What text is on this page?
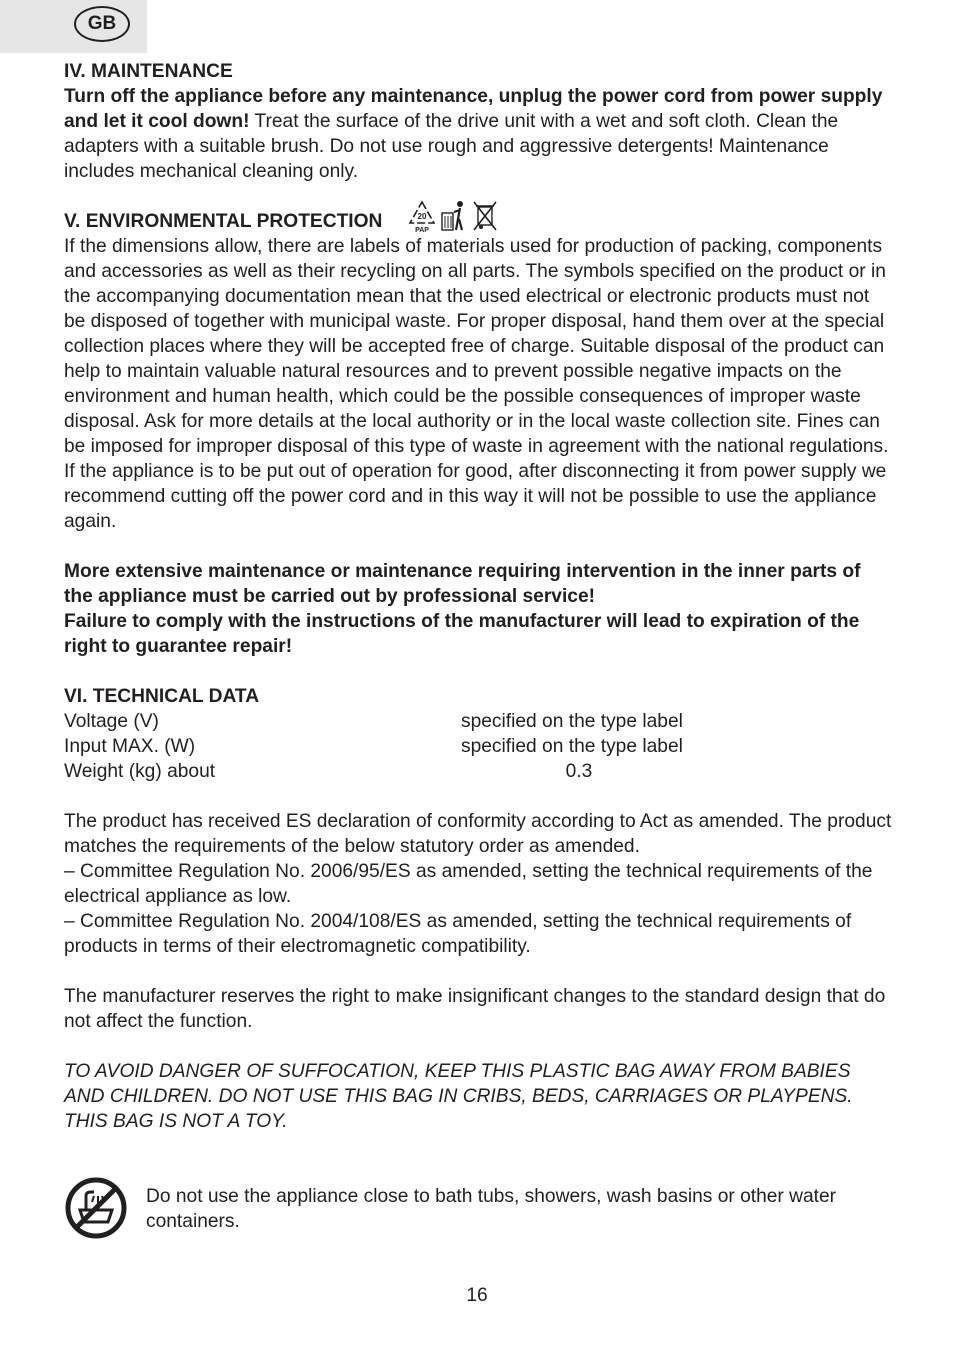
GB

IV. MAINTENANCE

Turn off the appliance before any maintenance, unplug the power cord from power supply and let it cool down! Treat the surface of the drive unit with a wet and soft cloth. Clean the adapters with a suitable brush. Do not use rough and aggressive detergents! Maintenance includes mechanical cleaning only.

V. ENVIRONMENTAL PROTECTION	20
PAP

If the dimensions allow, there are labels of materials used for production of packing, components and accessories as well as their recycling on all parts. The symbols specified on the product or in the accompanying documentation mean that the used electrical or electronic products must not be disposed of together with municipal waste. For proper disposal, hand them over at the special collection places where they will be accepted free of charge. Suitable disposal of the product can help to maintain valuable natural resources and to prevent possible negative impacts on the environment and human health, which could be the possible consequences of improper waste disposal. Ask for more details at the local authority or in the local waste collection site. Fines can be imposed for improper disposal of this type of waste in agreement with the national regulations. If the appliance is to be put out of operation for good, after disconnecting it from power supply we recommend cutting off the power cord and in this way it will not be possible to use the appliance again.

More extensive maintenance or maintenance requiring intervention in the inner parts of the appliance must be carried out by professional service!

Failure to comply with the instructions of the manufacturer will lead to expiration of the right to guarantee repair!

VI. TECHNICAL DATA

Voltage (V)	specified on the type label
Input MAX. (W)	specified on the type label
Weight (kg) about	0.3

The product has received ES declaration of conformity according to Act as amended. The product matches the requirements of the below statutory order as amended.

– Committee Regulation No. 2006/95/ES as amended, setting the technical requirements of the electrical appliance as low.

– Committee Regulation No. 2004/108/ES as amended, setting the technical requirements of products in terms of their electromagnetic compatibility.

The manufacturer reserves the right to make insignificant changes to the standard design that do not affect the function.

TO AVOID DANGER OF SUFFOCATION, KEEP THIS PLASTIC BAG AWAY FROM BABIES AND CHILDREN. DO NOT USE THIS BAG IN CRIBS, BEDS, CARRIAGES OR PLAYPENS. THIS BAG IS NOT A TOY.

Do not use the appliance close to bath tubs, showers, wash basins or other water containers.

16
